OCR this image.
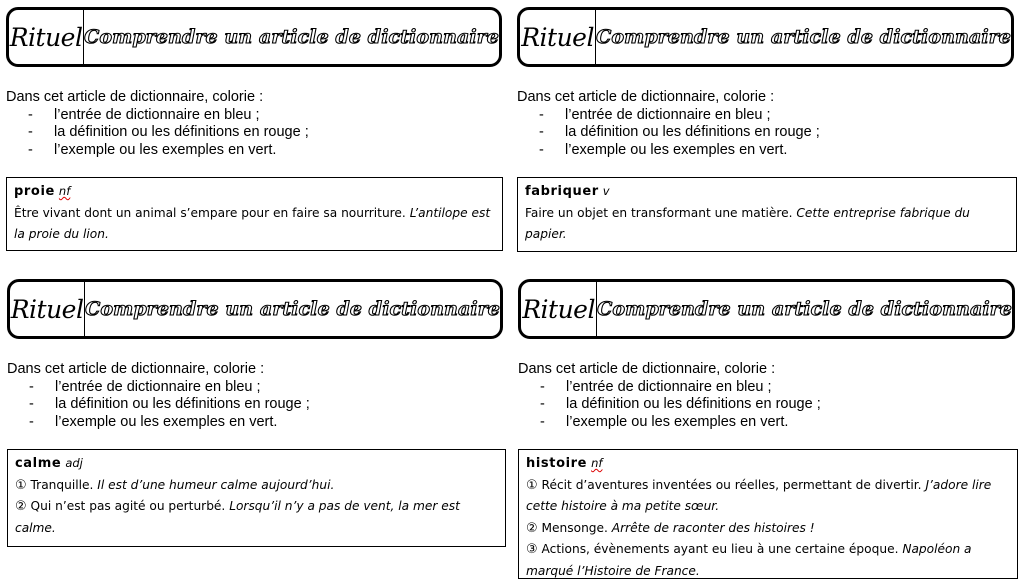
Rituel Comprendre un article de dictionnaire
Dans cet article de dictionnaire, colorie :
- l’entrée de dictionnaire en bleu ;
- la définition ou les définitions en rouge ;
- l’exemple ou les exemples en vert.
proie nf
Être vivant dont un animal s’empare pour en faire sa nourriture. L’antilope est la proie du lion.
Rituel Comprendre un article de dictionnaire
Dans cet article de dictionnaire, colorie :
- l’entrée de dictionnaire en bleu ;
- la définition ou les définitions en rouge ;
- l’exemple ou les exemples en vert.
fabriquer v
Faire un objet en transformant une matière. Cette entreprise fabrique du papier.
Rituel Comprendre un article de dictionnaire
Dans cet article de dictionnaire, colorie :
- l’entrée de dictionnaire en bleu ;
- la définition ou les définitions en rouge ;
- l’exemple ou les exemples en vert.
calme adj
① Tranquille. Il est d’une humeur calme aujourd’hui.
② Qui n’est pas agité ou perturbé. Lorsqu’il n’y a pas de vent, la mer est calme.
Rituel Comprendre un article de dictionnaire
Dans cet article de dictionnaire, colorie :
- l’entrée de dictionnaire en bleu ;
- la définition ou les définitions en rouge ;
- l’exemple ou les exemples en vert.
histoire nf
① Récit d’aventures inventées ou réelles, permettant de divertir. J’adore lire cette histoire à ma petite sœur.
② Mensonge. Arrête de raconter des histoires !
③ Actions, évènements ayant eu lieu à une certaine époque. Napoléon a marqué l’Histoire de France.
